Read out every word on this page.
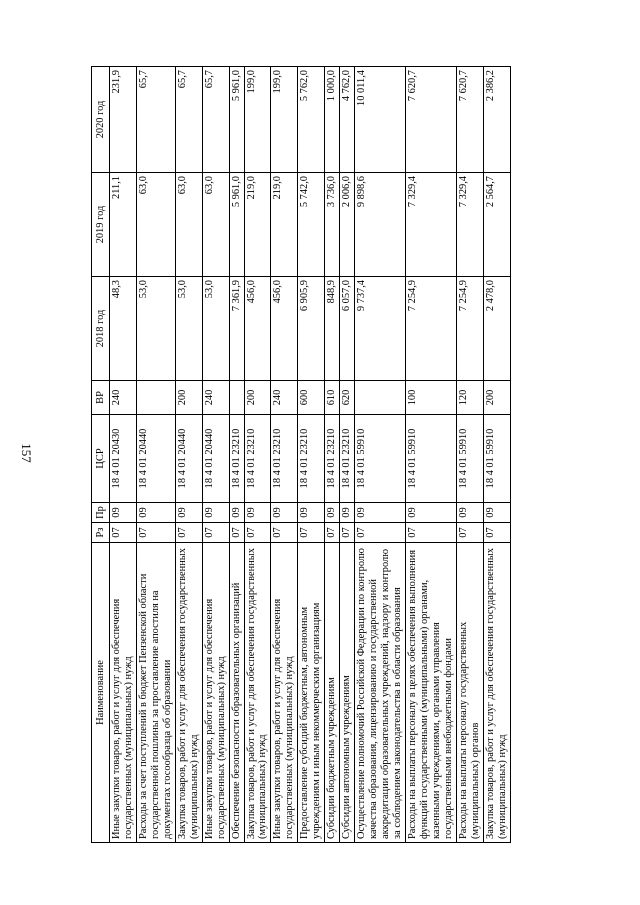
157
Наименование	Рз	Пр	ЦСР	ВР	2018 год	2019 год	2020 год
Иные закупки товаров, работ и услуг для обеспечения государственных (муниципальных) нужд	07	09	18 4 01 20430	240	48,3	211,1	231,9
Расходы за счет поступлений в бюджет Пензенской области государственной пошлины за проставление апостиля на документах госообразца об образовании	07	09	18 4 01 20440		53,0	63,0	65,7
Закупка товаров, работ и услуг для обеспечения государственных (муниципальных) нужд	07	09	18 4 01 20440	200	53,0	63,0	65,7
Иные закупки товаров, работ и услуг для обеспечения государственных (муниципальных) нужд	07	09	18 4 01 20440	240	53,0	63,0	65,7
Обеспечение безопасности образовательных организаций	07	09	18 4 01 23210		7 361,9	5 961,0	5 961,0
Закупка товаров, работ и услуг для обеспечения государственных (муниципальных) нужд	07	09	18 4 01 23210	200	456,0	219,0	199,0
Иные закупки товаров, работ и услуг для обеспечения государственных (муниципальных) нужд	07	09	18 4 01 23210	240	456,0	219,0	199,0
Предоставление субсидий бюджетным, автономным учреждениям и иным некоммерческим организациям	07	09	18 4 01 23210	600	6 905,9	5 742,0	5 762,0
Субсидии бюджетным учреждениям	07	09	18 4 01 23210	610	848,9	3 736,0	1 000,0
Субсидии автономным учреждениям	07	09	18 4 01 23210	620	6 057,0	2 006,0	4 762,0
Осуществление полномочий Российской Федерации по контролю качества образования, лицензированию и государственной аккредитации образовательных учреждений, надзору и контролю за соблюдением законодательства в области образования	07	09	18 4 01 59910		9 737,4	9 898,6	10 011,4
Расходы на выплаты персоналу в целях обеспечения выполнения функций государственными (муниципальными) органами, казенными учреждениями, органами управления государственными внебюджетными фондами	07	09	18 4 01 59910	100	7 254,9	7 329,4	7 620,7
Расходы на выплаты персоналу государственных (муниципальных) органов	07	09	18 4 01 59910	120	7 254,9	7 329,4	7 620,7
Закупка товаров, работ и услуг для обеспечения государственных (муниципальных) нужд	07	09	18 4 01 59910	200	2 478,0	2 564,7	2 386,2
